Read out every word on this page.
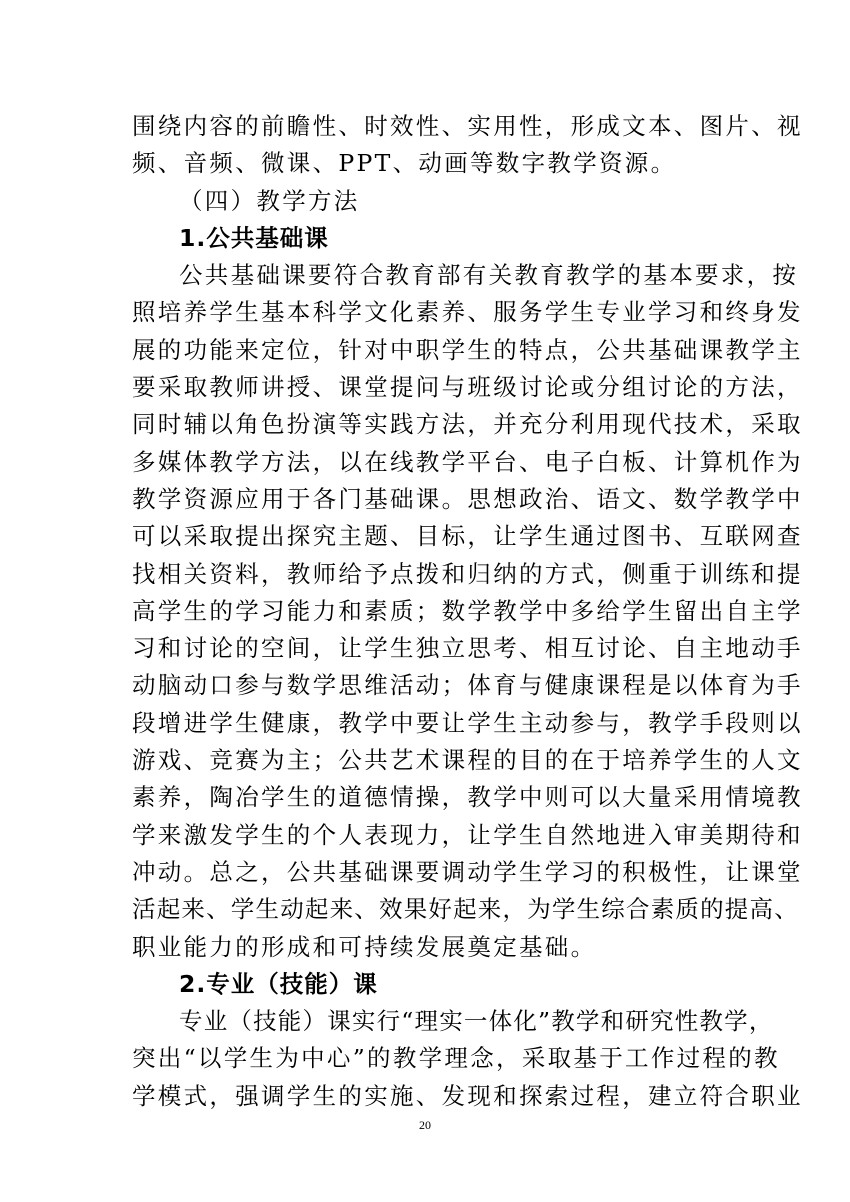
围绕内容的前瞻性、时效性、实用性，形成文本、图片、视
频、音频、微课、PPT、动画等数字教学资源。
（四）教学方法
1.公共基础课
公共基础课要符合教育部有关教育教学的基本要求，按
照培养学生基本科学文化素养、服务学生专业学习和终身发
展的功能来定位，针对中职学生的特点，公共基础课教学主
要采取教师讲授、课堂提问与班级讨论或分组讨论的方法，
同时辅以角色扮演等实践方法，并充分利用现代技术，采取
多媒体教学方法，以在线教学平台、电子白板、计算机作为
教学资源应用于各门基础课。思想政治、语文、数学教学中
可以采取提出探究主题、目标，让学生通过图书、互联网查
找相关资料，教师给予点拨和归纳的方式，侧重于训练和提
高学生的学习能力和素质；数学教学中多给学生留出自主学
习和讨论的空间，让学生独立思考、相互讨论、自主地动手
动脑动口参与数学思维活动；体育与健康课程是以体育为手
段增进学生健康，教学中要让学生主动参与，教学手段则以
游戏、竞赛为主；公共艺术课程的目的在于培养学生的人文
素养，陶冶学生的道德情操，教学中则可以大量采用情境教
学来激发学生的个人表现力，让学生自然地进入审美期待和
冲动。总之，公共基础课要调动学生学习的积极性，让课堂
活起来、学生动起来、效果好起来，为学生综合素质的提高、
职业能力的形成和可持续发展奠定基础。
2.专业（技能）课
专业（技能）课实行“理实一体化”教学和研究性教学，
突出“以学生为中心”的教学理念，采取基于工作过程的教
学模式，强调学生的实施、发现和探索过程，建立符合职业
20
